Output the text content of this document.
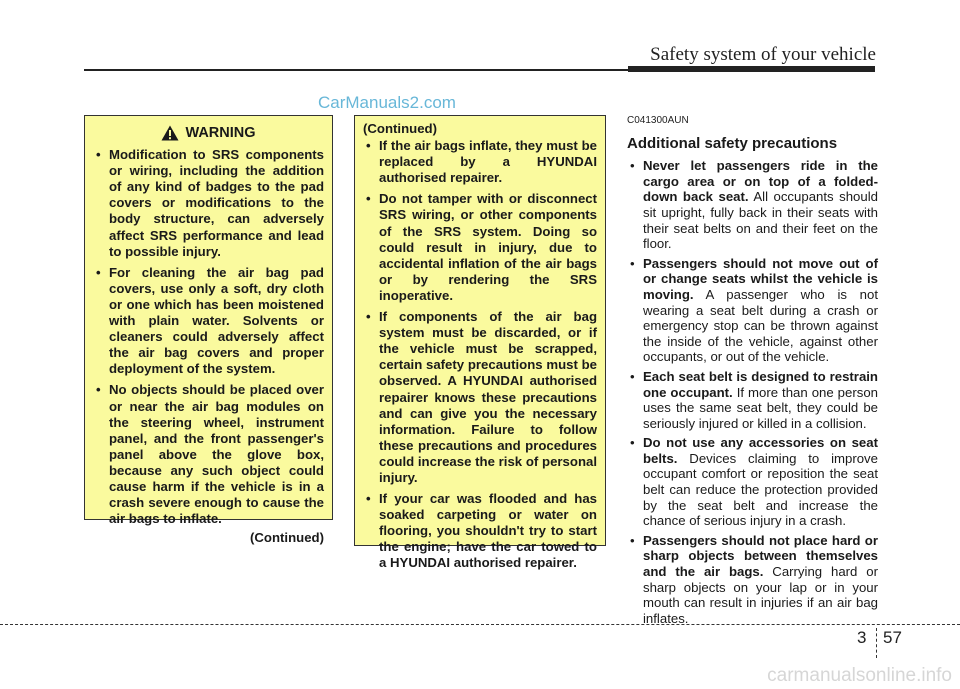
Safety system of your vehicle
CarManuals2.com
WARNING
• Modification to SRS components or wiring, including the addition of any kind of badges to the pad covers or modifications to the body structure, can adversely affect SRS performance and lead to possible injury.
• For cleaning the air bag pad covers, use only a soft, dry cloth or one which has been moistened with plain water. Solvents or cleaners could adversely affect the air bag covers and proper deployment of the system.
• No objects should be placed over or near the air bag modules on the steering wheel, instrument panel, and the front passenger's panel above the glove box, because any such object could cause harm if the vehicle is in a crash severe enough to cause the air bags to inflate.
(Continued)
(Continued)
• If the air bags inflate, they must be replaced by a HYUNDAI authorised repairer.
• Do not tamper with or disconnect SRS wiring, or other components of the SRS system. Doing so could result in injury, due to accidental inflation of the air bags or by rendering the SRS inoperative.
• If components of the air bag system must be discarded, or if the vehicle must be scrapped, certain safety precautions must be observed. A HYUNDAI authorised repairer knows these precautions and can give you the necessary information. Failure to follow these precautions and procedures could increase the risk of personal injury.
• If your car was flooded and has soaked carpeting or water on flooring, you shouldn't try to start the engine; have the car towed to a HYUNDAI authorised repairer.
C041300AUN
Additional safety precautions
• Never let passengers ride in the cargo area or on top of a folded-down back seat. All occupants should sit upright, fully back in their seats with their seat belts on and their feet on the floor.
• Passengers should not move out of or change seats whilst the vehicle is moving. A passenger who is not wearing a seat belt during a crash or emergency stop can be thrown against the inside of the vehicle, against other occupants, or out of the vehicle.
• Each seat belt is designed to restrain one occupant. If more than one person uses the same seat belt, they could be seriously injured or killed in a collision.
• Do not use any accessories on seat belts. Devices claiming to improve occupant comfort or reposition the seat belt can reduce the protection provided by the seat belt and increase the chance of serious injury in a crash.
• Passengers should not place hard or sharp objects between themselves and the air bags. Carrying hard or sharp objects on your lap or in your mouth can result in injuries if an air bag inflates.
3 57
carmanualsonline.info
